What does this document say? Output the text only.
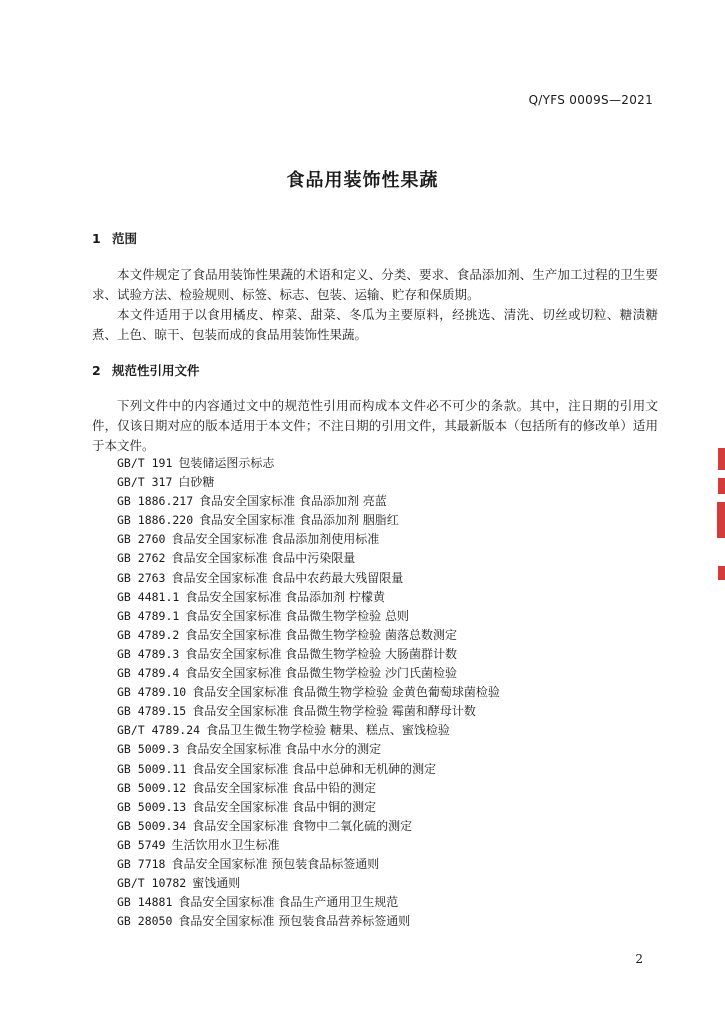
Q/YFS 0009S—2021
食品用装饰性果蔬
1 范围

本文件规定了食品用装饰性果蔬的术语和定义、分类、要求、食品添加剂、生产加工过程的卫生要求、试验方法、检验规则、标签、标志、包装、运输、贮存和保质期。

本文件适用于以食用橘皮、榨菜、甜菜、冬瓜为主要原料，经挑选、清洗、切丝或切粒、糖渍糖煮、上色、晾干、包装而成的食品用装饰性果蔬。

2 规范性引用文件

下列文件中的内容通过文中的规范性引用而构成本文件必不可少的条款。其中，注日期的引用文件，仅该日期对应的版本适用于本文件；不注日期的引用文件，其最新版本（包括所有的修改单）适用于本文件。

GB/T 191 包装储运图示标志
GB/T 317 白砂糖
GB 1886.217 食品安全国家标准 食品添加剂 亮蓝
GB 1886.220 食品安全国家标准 食品添加剂 胭脂红
GB 2760 食品安全国家标准 食品添加剂使用标准
GB 2762 食品安全国家标准 食品中污染限量
GB 2763 食品安全国家标准 食品中农药最大残留限量
GB 4481.1 食品安全国家标准 食品添加剂 柠檬黄
GB 4789.1 食品安全国家标准 食品微生物学检验 总则
GB 4789.2 食品安全国家标准 食品微生物学检验 菌落总数测定
GB 4789.3 食品安全国家标准 食品微生物学检验 大肠菌群计数
GB 4789.4 食品安全国家标准 食品微生物学检验 沙门氏菌检验
GB 4789.10 食品安全国家标准 食品微生物学检验 金黄色葡萄球菌检验
GB 4789.15 食品安全国家标准 食品微生物学检验 霉菌和酵母计数
GB/T 4789.24 食品卫生微生物学检验 糖果、糕点、蜜饯检验
GB 5009.3 食品安全国家标准 食品中水分的测定
GB 5009.11 食品安全国家标准 食品中总砷和无机砷的测定
GB 5009.12 食品安全国家标准 食品中铅的测定
GB 5009.13 食品安全国家标准 食品中铜的测定
GB 5009.34 食品安全国家标准 食物中二氧化硫的测定
GB 5749 生活饮用水卫生标准
GB 7718 食品安全国家标准 预包装食品标签通则
GB/T 10782 蜜饯通则
GB 14881 食品安全国家标准 食品生产通用卫生规范
GB 28050 食品安全国家标准 预包装食品营养标签通则
2
